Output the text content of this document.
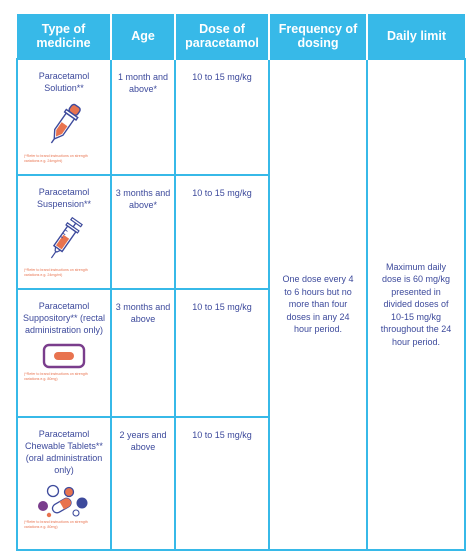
Type of medicine	Age	Dose of paracetamol	Frequency of dosing	Daily limit

Paracetamol Solution**
(*Refer to brand instructions on strength variations e.g. 24mg/ml)	1 month and above*	10 to 15 mg/kg	One dose every 4 to 6 hours but no more than four doses in any 24 hour period.	Maximum daily dose is 60 mg/kg presented in divided doses of 10-15 mg/kg throughout the 24 hour period.

Paracetamol Suspension**
(*Refer to brand instructions on strength variations e.g. 24mg/ml)	3 months and above*	10 to 15 mg/kg		

Paracetamol Suppository** (rectal administration only)
(*Refer to brand instructions on strength variations e.g. 80mg)	3 months and above	10 to 15 mg/kg		

Paracetamol Chewable Tablets** (oral administration only)
(*Refer to brand instructions on strength variations e.g. 80mg)	2 years and above	10 to 15 mg/kg		
